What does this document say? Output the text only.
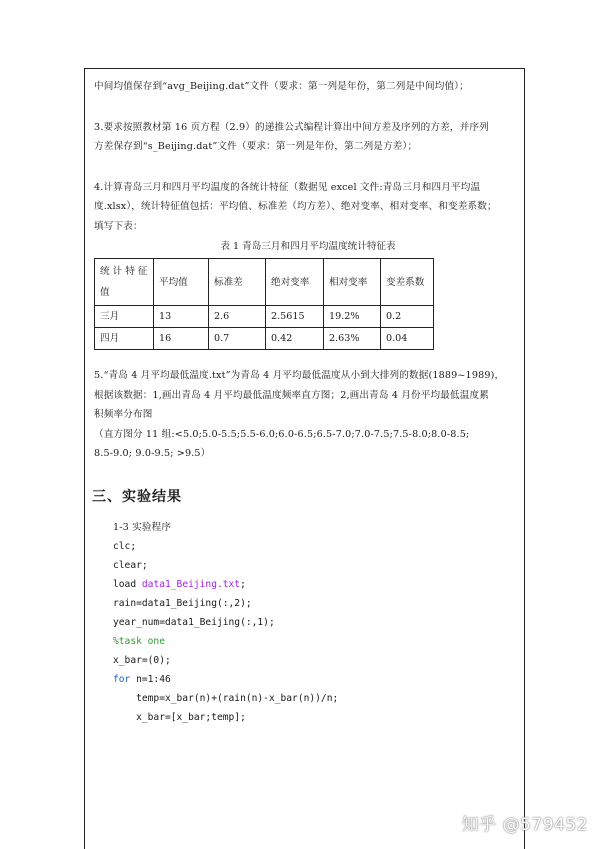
中间均值保存到“avg_Beijing.dat”文件（要求：第一列是年份，第二列是中间均值）；

3.要求按照教材第 16 页方程（2.9）的递推公式编程计算出中间方差及序列的方差，并序列

方差保存到“s_Beijing.dat”文件（要求：第一列是年份，第二列是方差）；

4.计算青岛三月和四月平均温度的各统计特征（数据见 excel 文件:青岛三月和四月平均温

度.xlsx），统计特征值包括：平均值、标准差（均方差）、绝对变率、相对变率、和变差系数；

填写下表：

表 1 青岛三月和四月平均温度统计特征表
统 计 特 征
值	平均值	标准差	绝对变率	相对变率	变差系数
三月	13	2.6	2.5615	19.2%	0.2
四月	16	0.7	0.42	2.63%	0.04

5.“青岛 4 月平均最低温度.txt”为青岛 4 月平均最低温度从小到大排列的数据(1889~1989)，

根据该数据：1,画出青岛 4 月平均最低温度频率直方图；2,画出青岛 4 月份平均最低温度累

积频率分布图

（直方图分 11 组:<5.0;5.0-5.5;5.5-6.0;6.0-6.5;6.5-7.0;7.0-7.5;7.5-8.0;8.0-8.5;

8.5-9.0; 9.0-9.5; >9.5）

三、实验结果

1-3 实验程序

clc;

clear;

load data1_Beijing.txt;

rain=data1_Beijing(:,2);

year_num=data1_Beijing(:,1);

%task one

x_bar=(0);

for n=1:46

temp=x_bar(n)+(rain(n)-x_bar(n))/n;

x_bar=[x_bar;temp];

知乎 @579452
